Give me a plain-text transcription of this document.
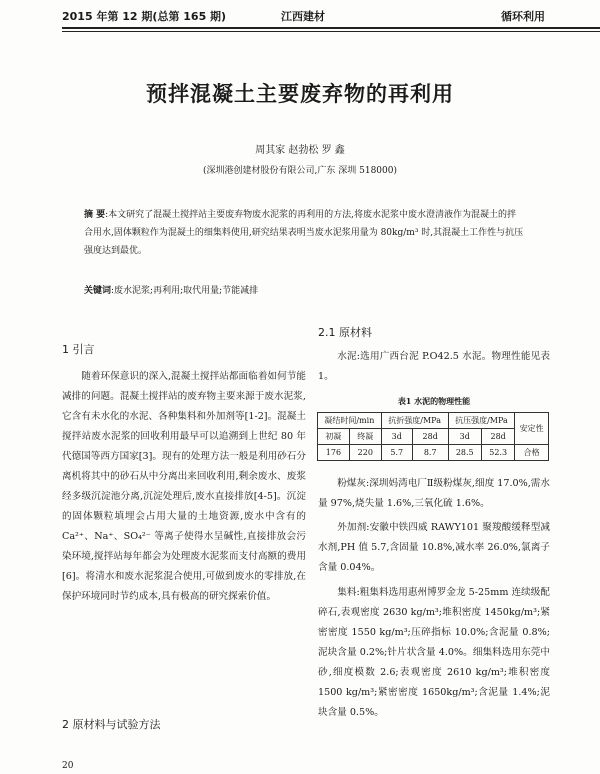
2015 年第 12 期(总第 165 期)	江西建材	循环利用
预拌混凝土主要废弃物的再利用
周其家 赵勃松 罗 鑫
(深圳港创建材股份有限公司,广东 深圳 518000)
摘 要:本文研究了混凝土搅拌站主要废弃物废水泥浆的再利用的方法,将废水泥浆中废水澄清液作为混凝土的拌合用水,固体颗粒作为混凝土的细集料使用,研究结果表明当废水泥浆用量为 80kg/m³ 时,其混凝土工作性与抗压强度达到最优。
关键词:废水泥浆;再利用;取代用量;节能减排
1 引言
随着环保意识的深入,混凝土搅拌站都面临着如何节能减排的问题。混凝土搅拌站的废弃物主要来源于废水泥浆,它含有未水化的水泥、各种集料和外加剂等[1-2]。混凝土搅拌站废水泥浆的回收利用最早可以追溯到上世纪 80 年代德国等西方国家[3]。现有的处理方法一般是利用砂石分离机将其中的砂石从中分离出来回收利用,剩余废水、废浆经多级沉淀池分离,沉淀处理后,废水直接排放[4-5]。沉淀的固体颗粒填埋会占用大量的土地资源,废水中含有的 Ca²⁺、Na⁺、SO₄²⁻ 等离子使得水呈碱性,直接排放会污染环境,搅拌站每年都会为处理废水泥浆而支付高额的费用[6]。将清水和废水泥浆混合使用,可做到废水的零排放,在保护环境同时节约成本,具有极高的研究探索价值。
2 原材料与试验方法
2.1 原材料
水泥:选用广西台泥 P.O42.5 水泥。物理性能见表 1。
表1 水泥的物理性能
凝结时间/min		抗折强度/MPa		抗压强度/MPa		安定性
初凝	终凝	3d	28d	3d	28d	
176	220	5.7	8.7	28.5	52.3	合格
粉煤灰:深圳妈湾电厂Ⅱ级粉煤灰,细度 17.0%,需水量 97%,烧失量 1.6%,三氧化硫 1.6%。
外加剂:安徽中铁四威 RAWY101 聚羧酸缓释型减水剂,PH 值 5.7,含固量 10.8%,减水率 26.0%,氯离子含量 0.04%。
集料:粗集料选用惠州博罗金龙 5-25mm 连续级配碎石,表观密度 2630 kg/m³;堆积密度 1450kg/m³;紧密密度 1550 kg/m³;压碎指标 10.0%;含泥量 0.8%;泥块含量 0.2%;针片状含量 4.0%。细集料选用东莞中砂,细度模数 2.6;表观密度 2610 kg/m³;堆积密度 1500 kg/m³;紧密密度 1650kg/m³;含泥量 1.4%;泥块含量 0.5%。
20
